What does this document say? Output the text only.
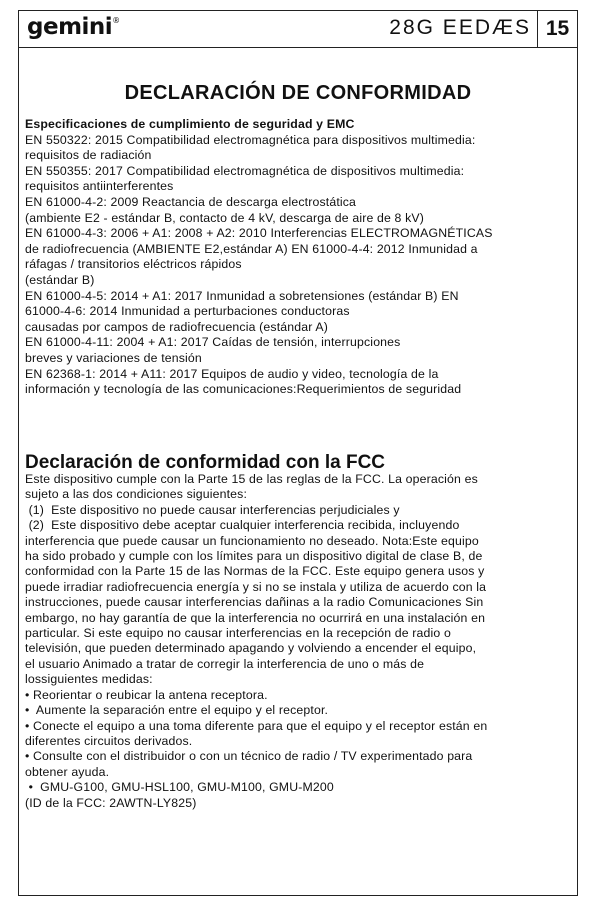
gemini®	28G EEDÆS 15
DECLARACIÓN DE CONFORMIDAD
Especificaciones de cumplimiento de seguridad y EMC
EN 550322: 2015 Compatibilidad electromagnética para dispositivos multimedia:
requisitos de radiación
EN 550355: 2017 Compatibilidad electromagnética de dispositivos multimedia:
requisitos antiinterferentes
EN 61000-4-2: 2009 Reactancia de descarga electrostática
(ambiente E2 - estándar B, contacto de 4 kV, descarga de aire de 8 kV)
EN 61000-4-3: 2006 + A1: 2008 + A2: 2010 Interferencias ELECTROMAGNÉTICAS
de radiofrecuencia (AMBIENTE E2,estándar A) EN 61000-4-4: 2012 Inmunidad a
ráfagas / transitorios eléctricos rápidos
(estándar B)
EN 61000-4-5: 2014 + A1: 2017 Inmunidad a sobretensiones (estándar B) EN
61000-4-6: 2014 Inmunidad a perturbaciones conductoras
causadas por campos de radiofrecuencia (estándar A)
EN 61000-4-11: 2004 + A1: 2017 Caídas de tensión, interrupciones
breves y variaciones de tensión
EN 62368-1: 2014 + A11: 2017 Equipos de audio y video, tecnología de la
información y tecnología de las comunicaciones:Requerimientos de seguridad
Declaración de conformidad con la FCC
Este dispositivo cumple con la Parte 15 de las reglas de la FCC. La operación es
sujeto a las dos condiciones siguientes:
(1)  Este dispositivo no puede causar interferencias perjudiciales y
(2)  Este dispositivo debe aceptar cualquier interferencia recibida, incluyendo
interferencia que puede causar un funcionamiento no deseado. Nota:Este equipo
ha sido probado y cumple con los límites para un dispositivo digital de clase B, de
conformidad con la Parte 15 de las Normas de la FCC. Este equipo genera usos y
puede irradiar radiofrecuencia energía y si no se instala y utiliza de acuerdo con la
instrucciones, puede causar interferencias dañinas a la radio Comunicaciones Sin
embargo, no hay garantía de que la interferencia no ocurrirá en una instalación en
particular. Si este equipo no causar interferencias en la recepción de radio o
televisión, que pueden determinado apagando y volviendo a encender el equipo,
el usuario Animado a tratar de corregir la interferencia de uno o más de
lossiguientes medidas:
• Reorientar o reubicar la antena receptora.
•  Aumente la separación entre el equipo y el receptor.
• Conecte el equipo a una toma diferente para que el equipo y el receptor están en
diferentes circuitos derivados.
• Consulte con el distribuidor o con un técnico de radio / TV experimentado para
obtener ayuda.
•  GMU-G100, GMU-HSL100, GMU-M100, GMU-M200
(ID de la FCC: 2AWTN-LY825)
